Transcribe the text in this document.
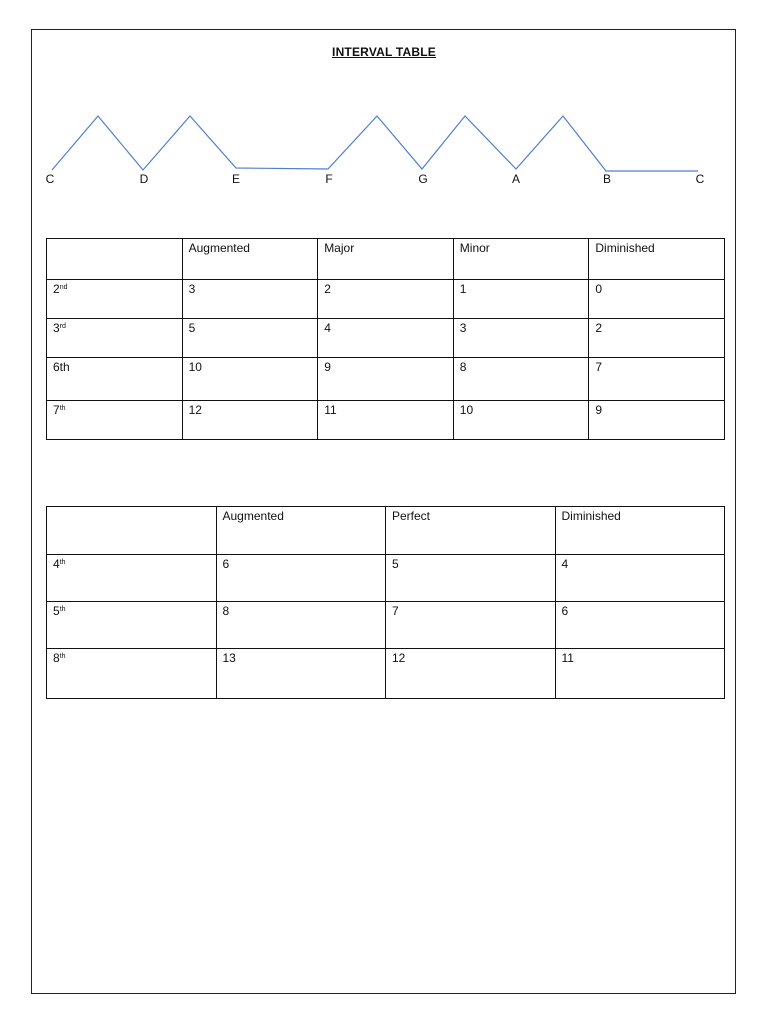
INTERVAL TABLE
C	D	E	F	G	A	B	C
	Augmented	Major	Minor	Diminished
2nd	3	2	1	0
3rd	5	4	3	2
6th	10	9	8	7
7th	12	11	10	9
	Augmented	Perfect	Diminished
4th	6	5	4
5th	8	7	6
8th	13	12	11
